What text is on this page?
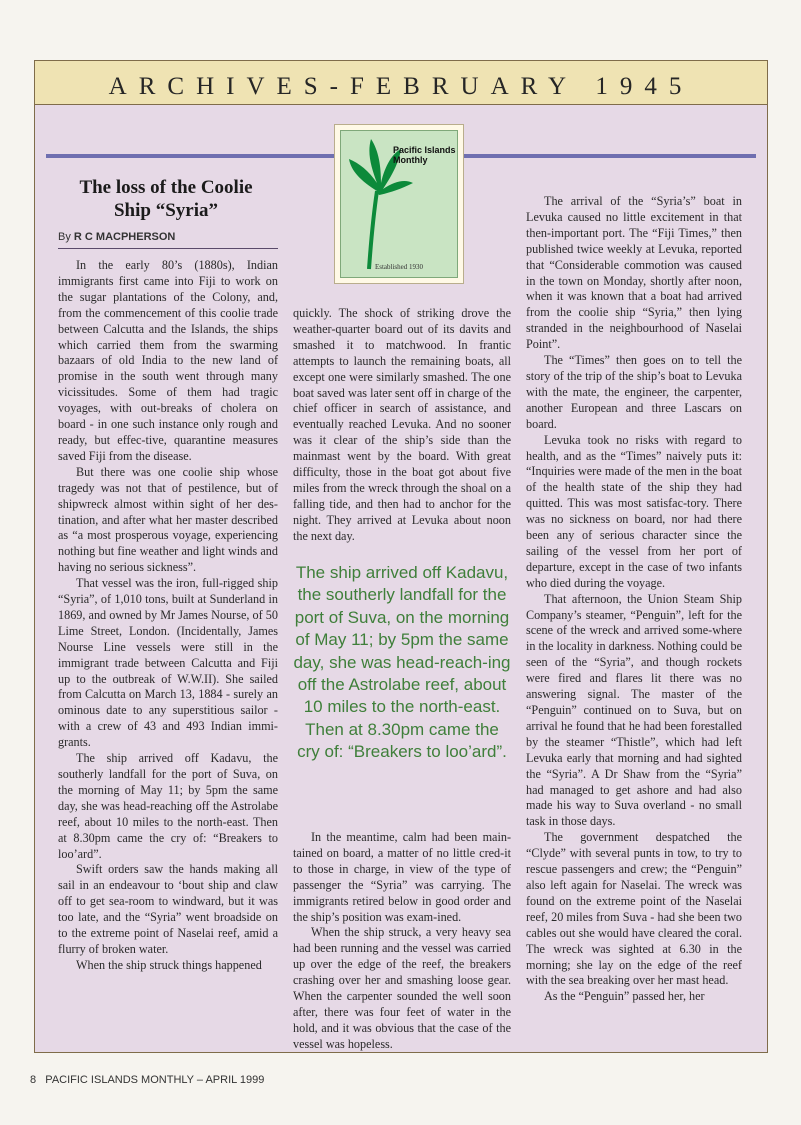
ARCHIVES-FEBRUARY 1945
Pacific Islands
Monthly
Established 1930
The loss of the Coolie
Ship “Syria”
By R C MACPHERSON

In the early 80’s (1880s), Indian immigrants first came into Fiji to work on the sugar plantations of the Colony, and, from the commencement of this coolie trade between Calcutta and the Islands, the ships which carried them from the swarming bazaars of old India to the new land of promise in the south went through many vicissitudes. Some of them had tragic voyages, with out-breaks of cholera on board - in one such instance only rough and ready, but effec-tive, quarantine measures saved Fiji from the disease.

But there was one coolie ship whose tragedy was not that of pestilence, but of shipwreck almost within sight of her des-tination, and after what her master described as “a most prosperous voyage, experiencing nothing but fine weather and light winds and having no serious sickness”.

That vessel was the iron, full-rigged ship “Syria”, of 1,010 tons, built at Sunderland in 1869, and owned by Mr James Nourse, of 50 Lime Street, London. (Incidentally, James Nourse Line vessels were still in the immigrant trade between Calcutta and Fiji up to the outbreak of W.W.II). She sailed from Calcutta on March 13, 1884 - surely an ominous date to any superstitious sailor - with a crew of 43 and 493 Indian immi-grants.

The ship arrived off Kadavu, the southerly landfall for the port of Suva, on the morning of May 11; by 5pm the same day, she was head-reaching off the Astrolabe reef, about 10 miles to the north-east. Then at 8.30pm came the cry of: “Breakers to loo’ard”.

Swift orders saw the hands making all sail in an endeavour to ‘bout ship and claw off to get sea-room to windward, but it was too late, and the “Syria” went broadside on to the extreme point of Naselai reef, amid a flurry of broken water.

When the ship struck things happened

quickly. The shock of striking drove the weather-quarter board out of its davits and smashed it to matchwood. In frantic attempts to launch the remaining boats, all except one were similarly smashed. The one boat saved was later sent off in charge of the chief officer in search of assistance, and eventually reached Levuka. And no sooner was it clear of the ship’s side than the mainmast went by the board. With great difficulty, those in the boat got about five miles from the wreck through the shoal on a falling tide, and then had to anchor for the night. They arrived at Levuka about noon the next day.

The ship arrived off Kadavu, the southerly landfall for the port of Suva, on the morning of May 11; by 5pm the same day, she was head-reach-ing off the Astrolabe reef, about 10 miles to the north-east. Then at 8.30pm came the cry of: “Breakers to loo’ard”.

In the meantime, calm had been main-tained on board, a matter of no little cred-it to those in charge, in view of the type of passenger the “Syria” was carrying. The immigrants retired below in good order and the ship’s position was exam-ined.

When the ship struck, a very heavy sea had been running and the vessel was carried up over the edge of the reef, the breakers crashing over her and smashing loose gear. When the carpenter sounded the well soon after, there was four feet of water in the hold, and it was obvious that the case of the vessel was hopeless.

The arrival of the “Syria’s” boat in Levuka caused no little excitement in that then-important port. The “Fiji Times,” then published twice weekly at Levuka, reported that “Considerable commotion was caused in the town on Monday, shortly after noon, when it was known that a boat had arrived from the coolie ship “Syria,” then lying stranded in the neighbourhood of Naselai Point”.

The “Times” then goes on to tell the story of the trip of the ship’s boat to Levuka with the mate, the engineer, the carpenter, another European and three Lascars on board.

Levuka took no risks with regard to health, and as the “Times” naively puts it: “Inquiries were made of the men in the boat of the health state of the ship they had quitted. This was most satisfac-tory. There was no sickness on board, nor had there been any of serious character since the sailing of the vessel from her port of departure, except in the case of two infants who died during the voyage.

That afternoon, the Union Steam Ship Company’s steamer, “Penguin”, left for the scene of the wreck and arrived some-where in the locality in darkness. Nothing could be seen of the “Syria”, and though rockets were fired and flares lit there was no answering signal. The master of the “Penguin” continued on to Suva, but on arrival he found that he had been forestalled by the steamer “Thistle”, which had left Levuka early that morning and had sighted the “Syria”. A Dr Shaw from the “Syria” had managed to get ashore and had also made his way to Suva overland - no small task in those days.

The government despatched the “Clyde” with several punts in tow, to try to rescue passengers and crew; the “Penguin” also left again for Naselai. The wreck was found on the extreme point of the Naselai reef, 20 miles from Suva - had she been two cables out she would have cleared the coral. The wreck was sighted at 6.30 in the morning; she lay on the edge of the reef with the sea breaking over her mast head.

As the “Penguin” passed her, her

8 PACIFIC ISLANDS MONTHLY – APRIL 1999
